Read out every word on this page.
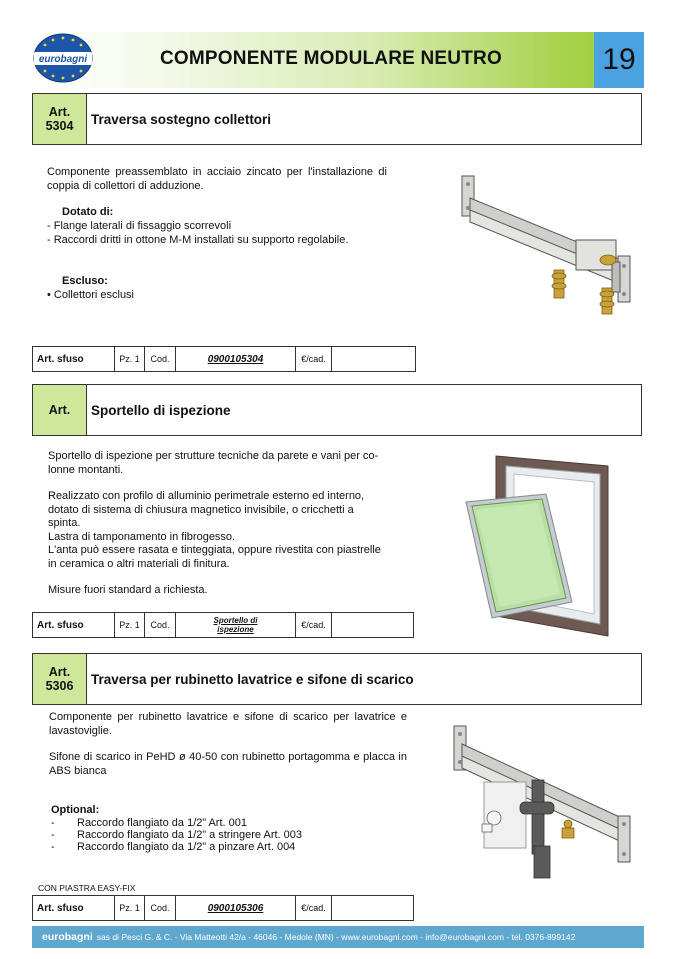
eurobagni	COMPONENTE MODULARE NEUTRO	19
Art.
5304 Traversa sostegno collettori
Componente preassemblato in acciaio zincato per l'installazione di coppia di collettori di adduzione.
Dotato di:

- Flange laterali di fissaggio scorrevoli

- Raccordi dritti in ottone M-M installati su supporto regolabile.

Escluso:

• Collettori esclusi

Art. sfuso	Pz. 1	Cod.	0900105304	€/cad.
Art. Sportello di ispezione

Sportello di ispezione per strutture tecniche da parete e vani per co-lonne montanti.

Realizzato con profilo di alluminio perimetrale esterno ed interno, dotato di sistema di chiusura magnetico invisibile, o cricchetti a spinta.

Lastra di tamponamento in fibrogesso.

L'anta può essere rasata e tinteggiata, oppure rivestita con piastrelle in ceramica o altri materiali di finitura.

Misure fuori standard a richiesta.

Art. sfuso	Pz. 1	Cod.	Sportello di
ispezione	€/cad.
Art.
5306 Traversa per rubinetto lavatrice e sifone di scarico

Componente per rubinetto lavatrice e sifone di scarico per lavatrice e lavastoviglie.

Sifone di scarico in PeHD ø 40-50 con rubinetto portagomma e placca in ABS bianca

Optional:

- Raccordo flangiato da 1/2” Art. 001

- Raccordo flangiato da 1/2” a stringere Art. 003

- Raccordo flangiato da 1/2” a pinzare Art. 004

CON PIASTRA EASY-FIX
Art. sfuso	Pz. 1	Cod.	0900105306	€/cad.
eurobagni sas di Pesci G. & C. - Via Matteotti 42/a - 46046 - Medole (MN) - www.eurobagni.com - info@eurobagni.com - tel. 0376-899142
